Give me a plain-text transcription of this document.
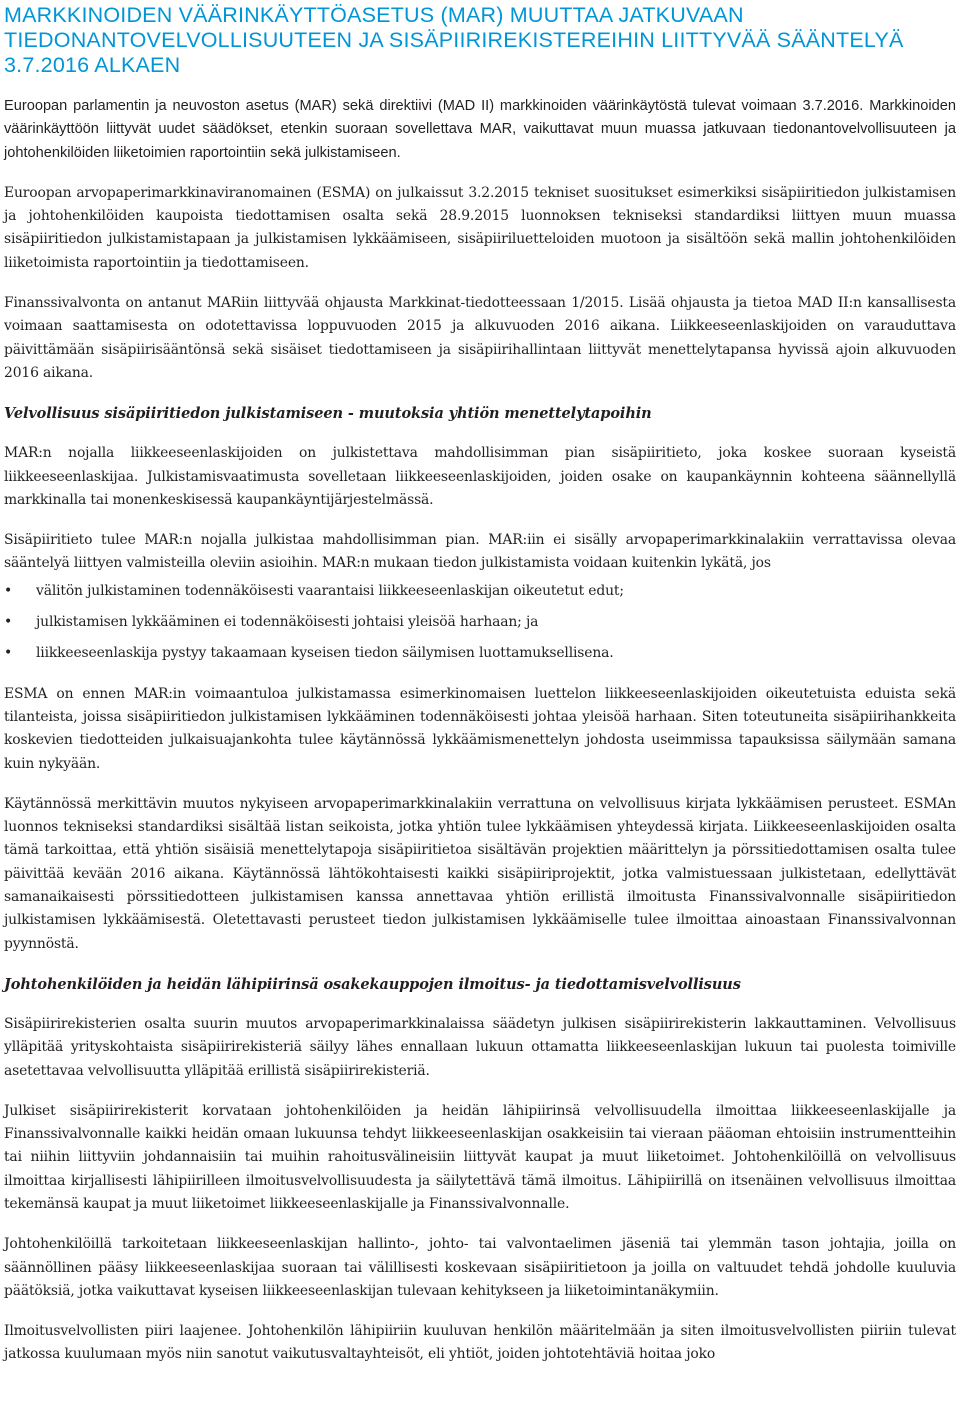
MARKKINOIDEN VÄÄRINKÄYTTÖASETUS (MAR) MUUTTAA JATKUVAAN TIEDONANTOVELVOLLISUUTEEN JA SISÄPIIRIREKISTEREIHIN LIITTYVÄÄ SÄÄNTELYÄ 3.7.2016 ALKAEN

Euroopan parlamentin ja neuvoston asetus (MAR) sekä direktiivi (MAD II) markkinoiden väärinkäytöstä tulevat voimaan 3.7.2016. Markkinoiden väärinkäyttöön liittyvät uudet säädökset, etenkin suoraan sovellettava MAR, vaikuttavat muun muassa jatkuvaan tiedonantovelvollisuuteen ja johtohenkilöiden liiketoimien raportointiin sekä julkistamiseen.

Euroopan arvopaperimarkkinaviranomainen (ESMA) on julkaissut 3.2.2015 tekniset suositukset esimerkiksi sisäpiiritiedon julkistamisen ja johtohenkilöiden kaupoista tiedottamisen osalta sekä 28.9.2015 luonnoksen tekniseksi standardiksi liittyen muun muassa sisäpiiritiedon julkistamistapaan ja julkistamisen lykkäämiseen, sisäpiiriluetteloiden muotoon ja sisältöön sekä mallin johtohenkilöiden liiketoimista raportointiin ja tiedottamiseen.

Finanssivalvonta on antanut MARiin liittyvää ohjausta Markkinat-tiedotteessaan 1/2015. Lisää ohjausta ja tietoa MAD II:n kansallisesta voimaan saattamisesta on odotettavissa loppuvuoden 2015 ja alkuvuoden 2016 aikana. Liikkeeseenlaskijoiden on varauduttava päivittämään sisäpiirisääntönsä sekä sisäiset tiedottamiseen ja sisäpiirihallintaan liittyvät menettelytapansa hyvissä ajoin alkuvuoden 2016 aikana.

Velvollisuus sisäpiiritiedon julkistamiseen - muutoksia yhtiön menettelytapoihin

MAR:n nojalla liikkeeseenlaskijoiden on julkistettava mahdollisimman pian sisäpiiritieto, joka koskee suoraan kyseistä liikkeeseenlaskijaa. Julkistamisvaatimusta sovelletaan liikkeeseenlaskijoiden, joiden osake on kaupankäynnin kohteena säännellyllä markkinalla tai monenkeskisessä kaupankäyntijärjestelmässä.

Sisäpiiritieto tulee MAR:n nojalla julkistaa mahdollisimman pian. MAR:iin ei sisälly arvopaperimarkkinalakiin verrattavissa olevaa sääntelyä liittyen valmisteilla oleviin asioihin. MAR:n mukaan tiedon julkistamista voidaan kuitenkin lykätä, jos

• välitön julkistaminen todennäköisesti vaarantaisi liikkeeseenlaskijan oikeutetut edut;
• julkistamisen lykkääminen ei todennäköisesti johtaisi yleisöä harhaan; ja
• liikkeeseenlaskija pystyy takaamaan kyseisen tiedon säilymisen luottamuksellisena.

ESMA on ennen MAR:in voimaantuloa julkistamassa esimerkinomaisen luettelon liikkeeseenlaskijoiden oikeutetuista eduista sekä tilanteista, joissa sisäpiiritiedon julkistamisen lykkääminen todennäköisesti johtaa yleisöä harhaan. Siten toteutuneita sisäpiirihankkeita koskevien tiedotteiden julkaisuajankohta tulee käytännössä lykkäämismenettelyn johdosta useimmissa tapauksissa säilymään samana kuin nykyään.

Käytännössä merkittävin muutos nykyiseen arvopaperimarkkinalakiin verrattuna on velvollisuus kirjata lykkäämisen perusteet. ESMAn luonnos tekniseksi standardiksi sisältää listan seikoista, jotka yhtiön tulee lykkäämisen yhteydessä kirjata. Liikkeeseenlaskijoiden osalta tämä tarkoittaa, että yhtiön sisäisiä menettelytapoja sisäpiiritietoa sisältävän projektien määrittelyn ja pörssitiedottamisen osalta tulee päivittää kevään 2016 aikana. Käytännössä lähtökohtaisesti kaikki sisäpiiriprojektit, jotka valmistuessaan julkistetaan, edellyttävät samanaikaisesti pörssitiedotteen julkistamisen kanssa annettavaa yhtiön erillistä ilmoitusta Finanssivalvonnalle sisäpiiritiedon julkistamisen lykkäämisestä. Oletettavasti perusteet tiedon julkistamisen lykkäämiselle tulee ilmoittaa ainoastaan Finanssivalvonnan pyynnöstä.

Johtohenkilöiden ja heidän lähipiirinsä osakekauppojen ilmoitus- ja tiedottamisvelvollisuus

Sisäpiirirekisterien osalta suurin muutos arvopaperimarkkinalaissa säädetyn julkisen sisäpiirirekisterin lakkauttaminen. Velvollisuus ylläpitää yrityskohtaista sisäpiirirekisteriä säilyy lähes ennallaan lukuun ottamatta liikkeeseenlaskijan lukuun tai puolesta toimiville asetettavaa velvollisuutta ylläpitää erillistä sisäpiirirekisteriä.

Julkiset sisäpiirirekisterit korvataan johtohenkilöiden ja heidän lähipiirinsä velvollisuudella ilmoittaa liikkeeseenlaskijalle ja Finanssivalvonnalle kaikki heidän omaan lukuunsa tehdyt liikkeeseenlaskijan osakkeisiin tai vieraan pääoman ehtoisiin instrumentteihin tai niihin liittyviin johdannaisiin tai muihin rahoitusvälineisiin liittyvät kaupat ja muut liiketoimet. Johtohenkilöillä on velvollisuus ilmoittaa kirjallisesti lähipiirilleen ilmoitusvelvollisuudesta ja säilytettävä tämä ilmoitus. Lähipiirillä on itsenäinen velvollisuus ilmoittaa tekemänsä kaupat ja muut liiketoimet liikkeeseenlaskijalle ja Finanssivalvonnalle.

Johtohenkilöillä tarkoitetaan liikkeeseenlaskijan hallinto-, johto- tai valvontaelimen jäseniä tai ylemmän tason johtajia, joilla on säännöllinen pääsy liikkeeseenlaskijaa suoraan tai välillisesti koskevaan sisäpiiritietoon ja joilla on valtuudet tehdä johdolle kuuluvia päätöksiä, jotka vaikuttavat kyseisen liikkeeseenlaskijan tulevaan kehitykseen ja liiketoimintanäkymiin.

Ilmoitusvelvollisten piiri laajenee. Johtohenkilön lähipiiriin kuuluvan henkilön määritelmään ja siten ilmoitusvelvollisten piiriin tulevat jatkossa kuulumaan myös niin sanotut vaikutusvaltayhteisöt, eli yhtiöt, joiden johtotehtäviä hoitaa joko
